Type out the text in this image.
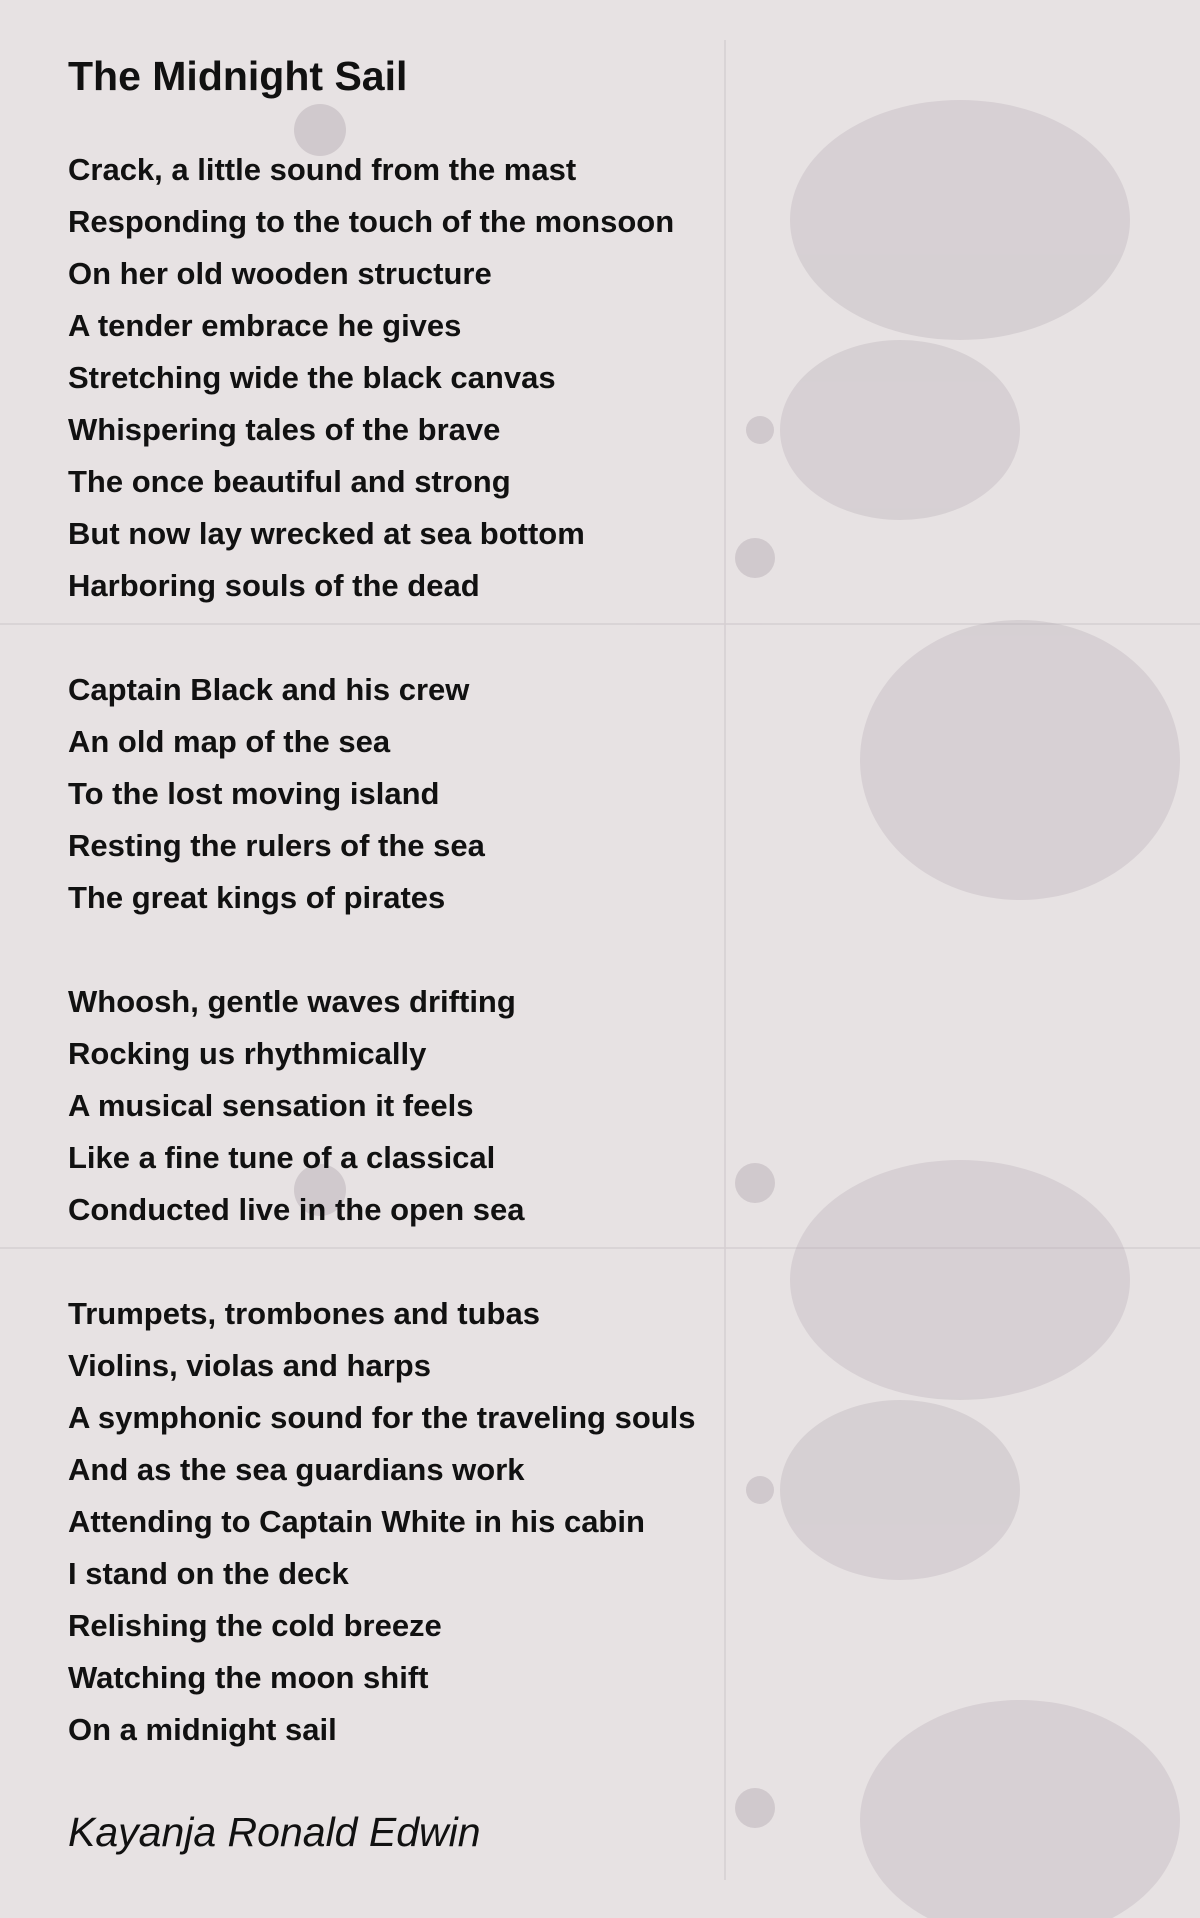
The Midnight Sail
Crack, a little sound from the mast
Responding to the touch of the monsoon
On her old wooden structure
A tender embrace he gives
Stretching wide the black canvas
Whispering tales of the brave
The once beautiful and strong
But now lay wrecked at sea bottom
Harboring souls of the dead
Captain Black and his crew
An old map of the sea
To the lost moving island
Resting the rulers of the sea
The great kings of pirates
Whoosh, gentle waves drifting
Rocking us rhythmically
A musical sensation it feels
Like a fine tune of a classical
Conducted live in the open sea
Trumpets, trombones and tubas
Violins, violas and harps
A symphonic sound for the traveling souls
And as the sea guardians work
Attending to Captain White in his cabin
I stand on the deck
Relishing the cold breeze
Watching the moon shift
On a midnight sail
Kayanja Ronald Edwin
